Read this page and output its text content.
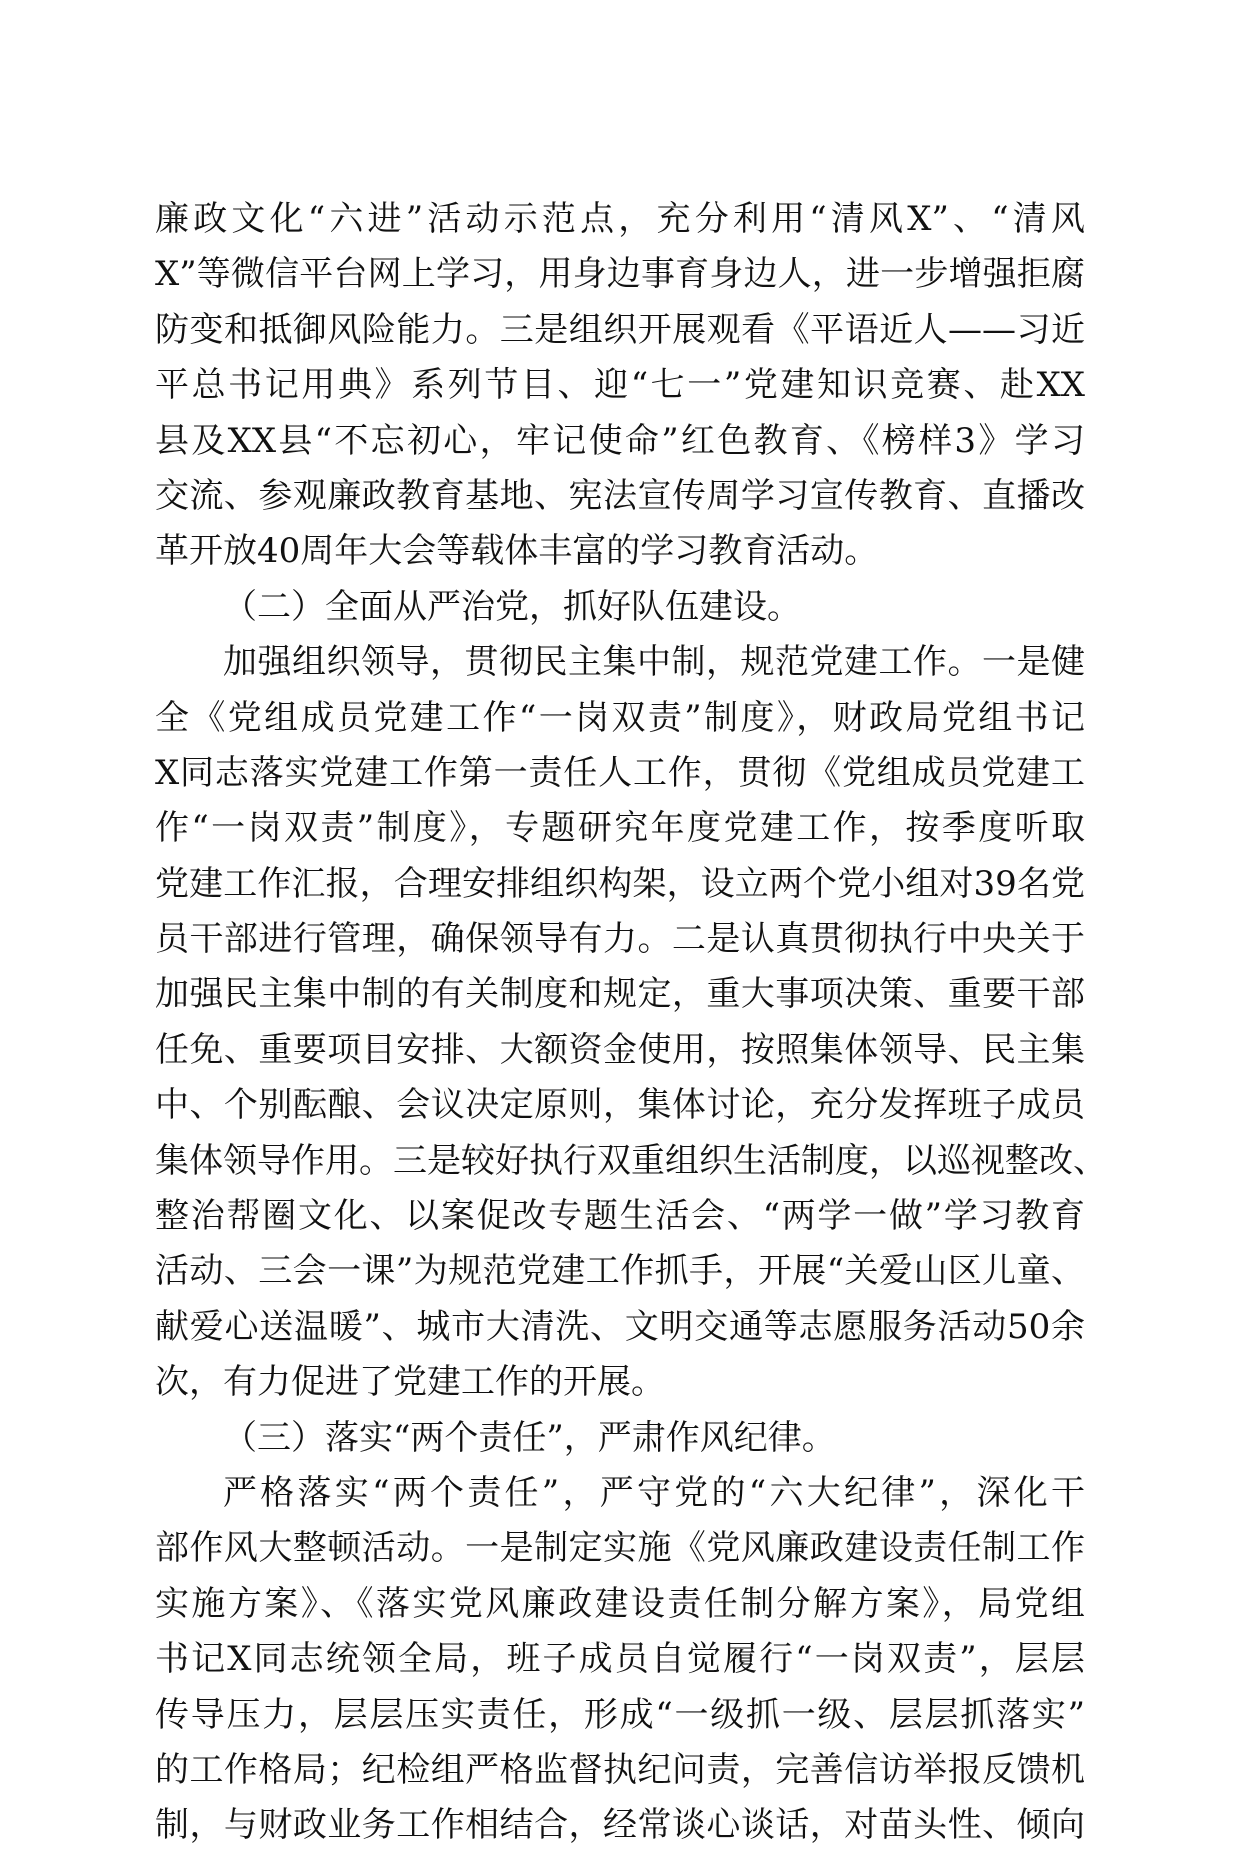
廉政文化“六进”活动示范点，充分利用“清风X”、“清风
X”等微信平台网上学习，用身边事育身边人，进一步增强拒腐
防变和抵御风险能力。三是组织开展观看《平语近人——习近
平总书记用典》系列节目、迎“七一”党建知识竞赛、赴XX
县及XX县“不忘初心，牢记使命”红色教育、《榜样3》学习
交流、参观廉政教育基地、宪法宣传周学习宣传教育、直播改
革开放40周年大会等载体丰富的学习教育活动。
（二）全面从严治党，抓好队伍建设。
加强组织领导，贯彻民主集中制，规范党建工作。一是健
全《党组成员党建工作“一岗双责”制度》，财政局党组书记
X同志落实党建工作第一责任人工作，贯彻《党组成员党建工
作“一岗双责”制度》，专题研究年度党建工作，按季度听取
党建工作汇报，合理安排组织构架，设立两个党小组对39名党
员干部进行管理，确保领导有力。二是认真贯彻执行中央关于
加强民主集中制的有关制度和规定，重大事项决策、重要干部
任免、重要项目安排、大额资金使用，按照集体领导、民主集
中、个别酝酿、会议决定原则，集体讨论，充分发挥班子成员
集体领导作用。三是较好执行双重组织生活制度，以巡视整改、
整治帮圈文化、以案促改专题生活会、“两学一做”学习教育
活动、三会一课”为规范党建工作抓手，开展“关爱山区儿童、
献爱心送温暖”、城市大清洗、文明交通等志愿服务活动50余
次，有力促进了党建工作的开展。
（三）落实“两个责任”，严肃作风纪律。
严格落实“两个责任”，严守党的“六大纪律”，深化干
部作风大整顿活动。一是制定实施《党风廉政建设责任制工作
实施方案》、《落实党风廉政建设责任制分解方案》，局党组
书记X同志统领全局，班子成员自觉履行“一岗双责”，层层
传导压力，层层压实责任，形成“一级抓一级、层层抓落实”
的工作格局；纪检组严格监督执纪问责，完善信访举报反馈机
制，与财政业务工作相结合，经常谈心谈话，对苗头性、倾向
